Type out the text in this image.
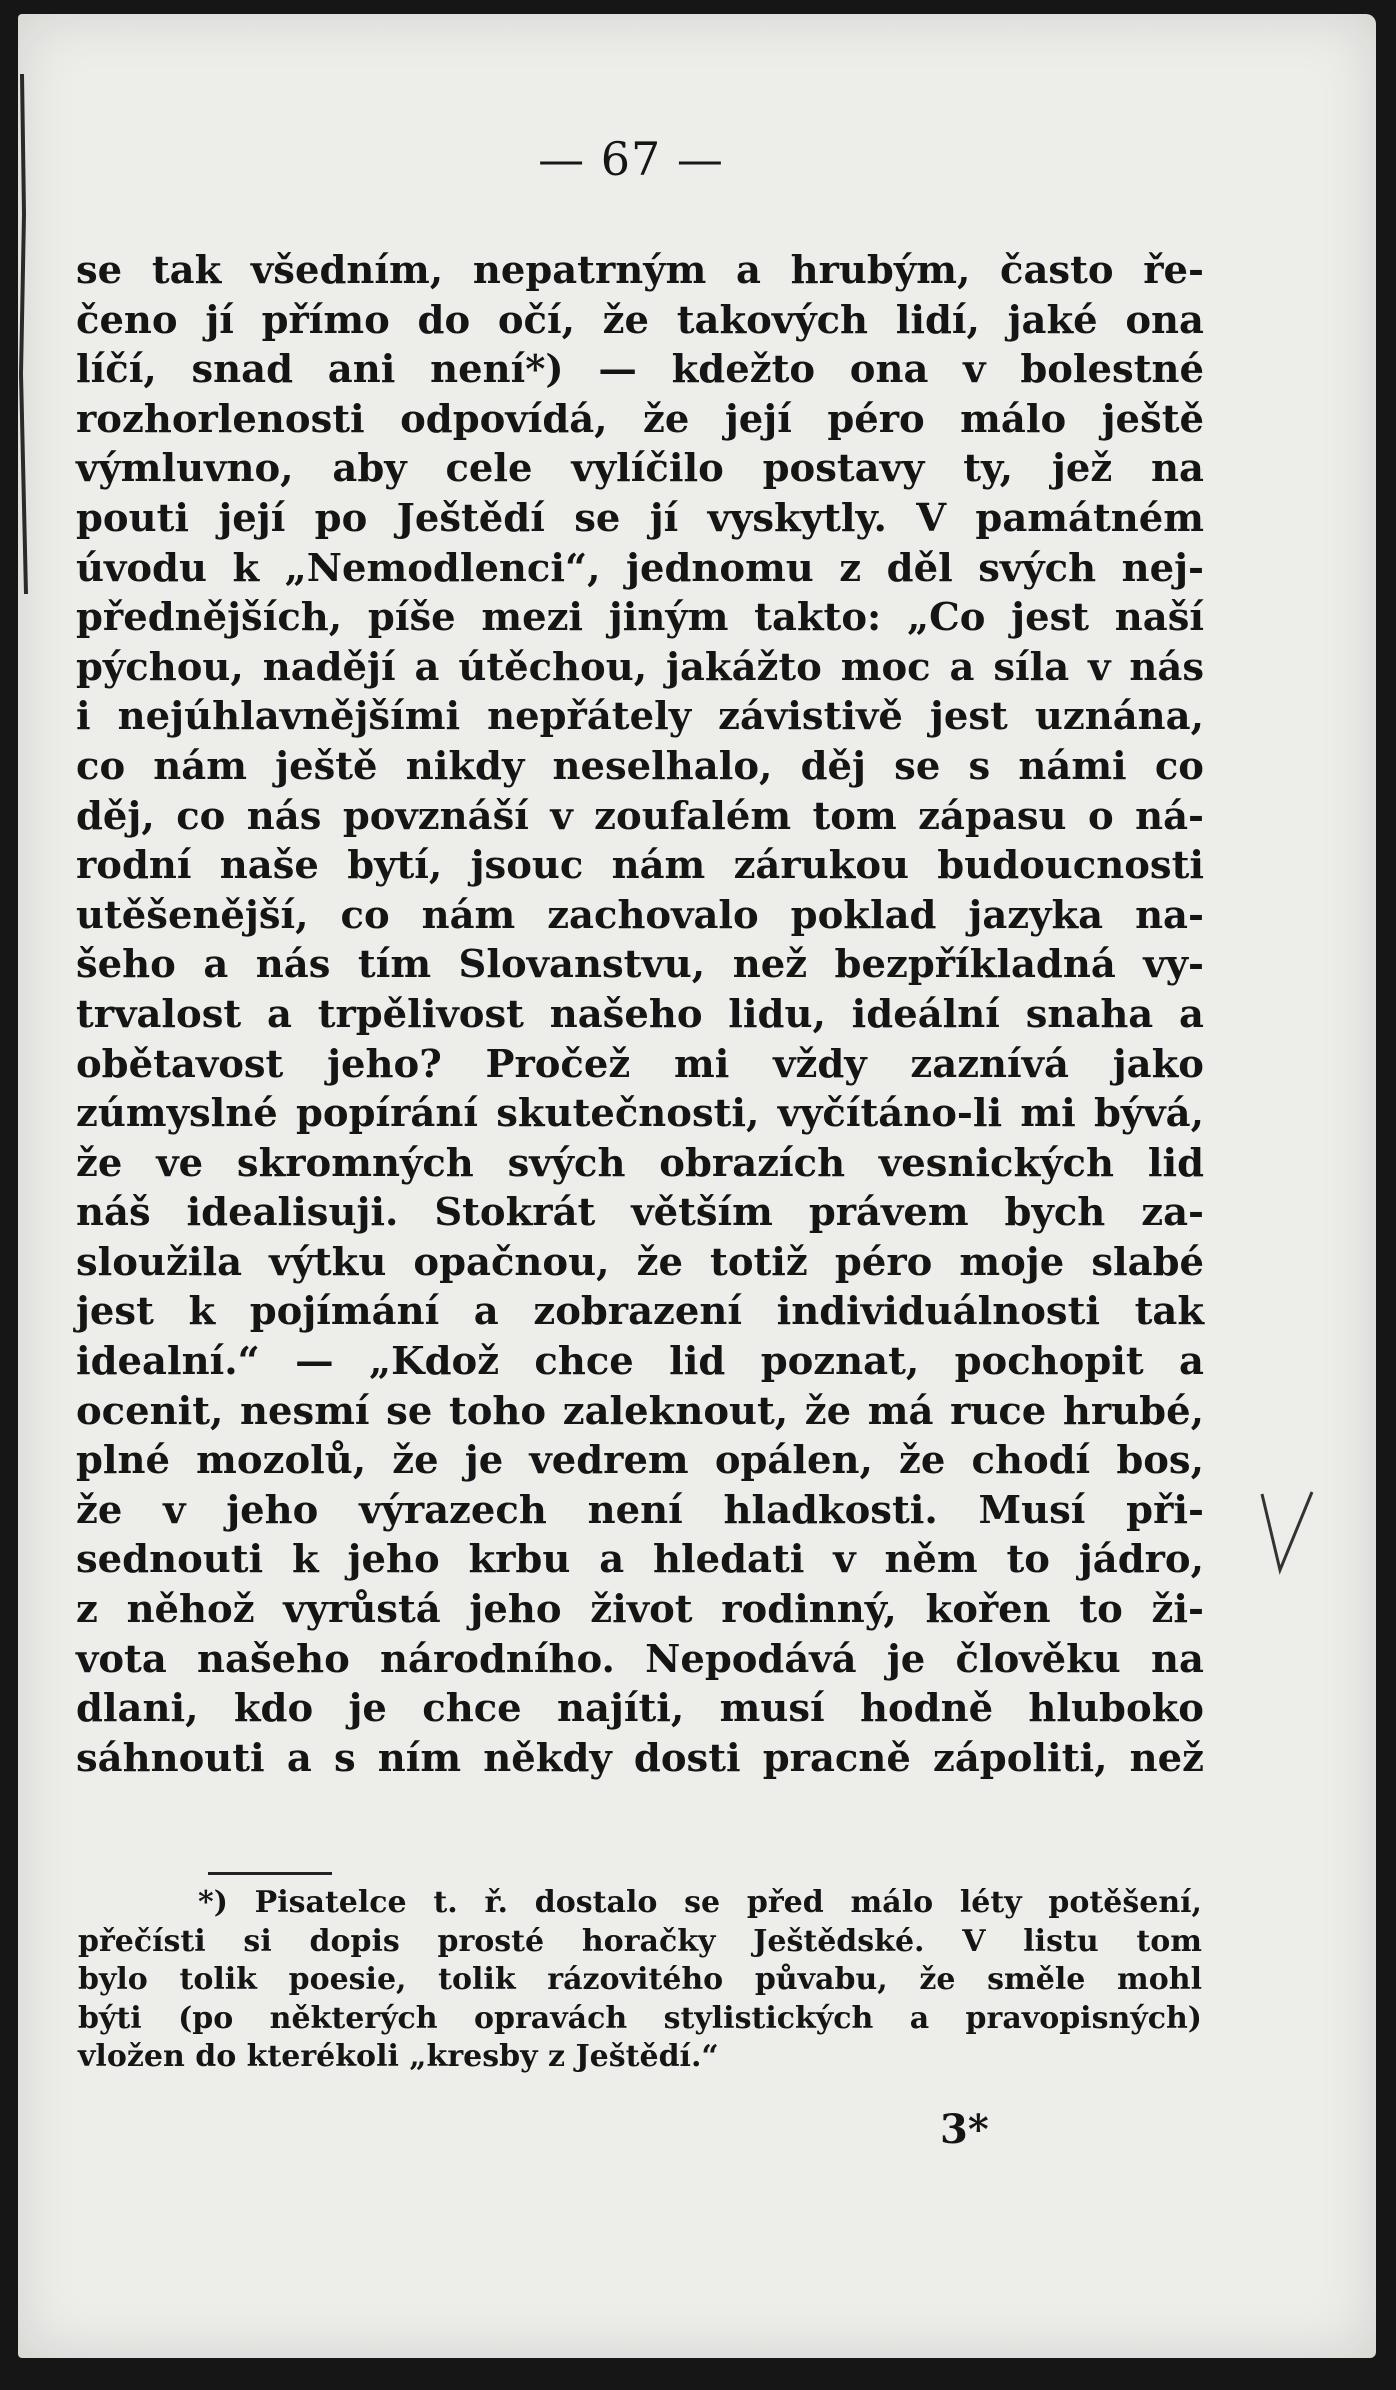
— 67 —
se tak všedním, nepatrným a hrubým, často ře-
čeno jí přímo do očí, že takových lidí, jaké ona
líčí, snad ani není*) — kdežto ona v bolestné
rozhorlenosti odpovídá, že její péro málo ještě
výmluvno, aby cele vylíčilo postavy ty, jež na
pouti její po Ještědí se jí vyskytly. V památném
úvodu k „Nemodlenci“, jednomu z děl svých nej-
přednějších, píše mezi jiným takto: „Co jest naší
pýchou, nadějí a útěchou, jakážto moc a síla v nás
i nejúhlavnějšími nepřátely závistivě jest uznána,
co nám ještě nikdy neselhalo, děj se s námi co
děj, co nás povznáší v zoufalém tom zápasu o ná-
rodní naše bytí, jsouc nám zárukou budoucnosti
utěšenější, co nám zachovalo poklad jazyka na-
šeho a nás tím Slovanstvu, než bezpříkladná vy-
trvalost a trpělivost našeho lidu, ideální snaha a
obětavost jeho? Pročež mi vždy zaznívá jako
zúmyslné popírání skutečnosti, vyčítáno-li mi bývá,
že ve skromných svých obrazích vesnických lid
náš idealisuji. Stokrát větším právem bych za-
sloužila výtku opačnou, že totiž péro moje slabé
jest k pojímání a zobrazení individuálnosti tak
idealní.“ — „Kdož chce lid poznat, pochopit a
ocenit, nesmí se toho zaleknout, že má ruce hrubé,
plné mozolů, že je vedrem opálen, že chodí bos,
že v jeho výrazech není hladkosti. Musí při-
sednouti k jeho krbu a hledati v něm to jádro,
z něhož vyrůstá jeho život rodinný, kořen to ži-
vota našeho národního. Nepodává je člověku na
dlani, kdo je chce najíti, musí hodně hluboko
sáhnouti a s ním někdy dosti pracně zápoliti, než
*) Pisatelce t. ř. dostalo se před málo léty potěšení,
přečísti si dopis prosté horačky Ještědské. V listu tom
bylo tolik poesie, tolik rázovitého půvabu, že směle mohl
býti (po některých opravách stylistických a pravopisných)
vložen do kterékoli „kresby z Ještědí.“
3*
